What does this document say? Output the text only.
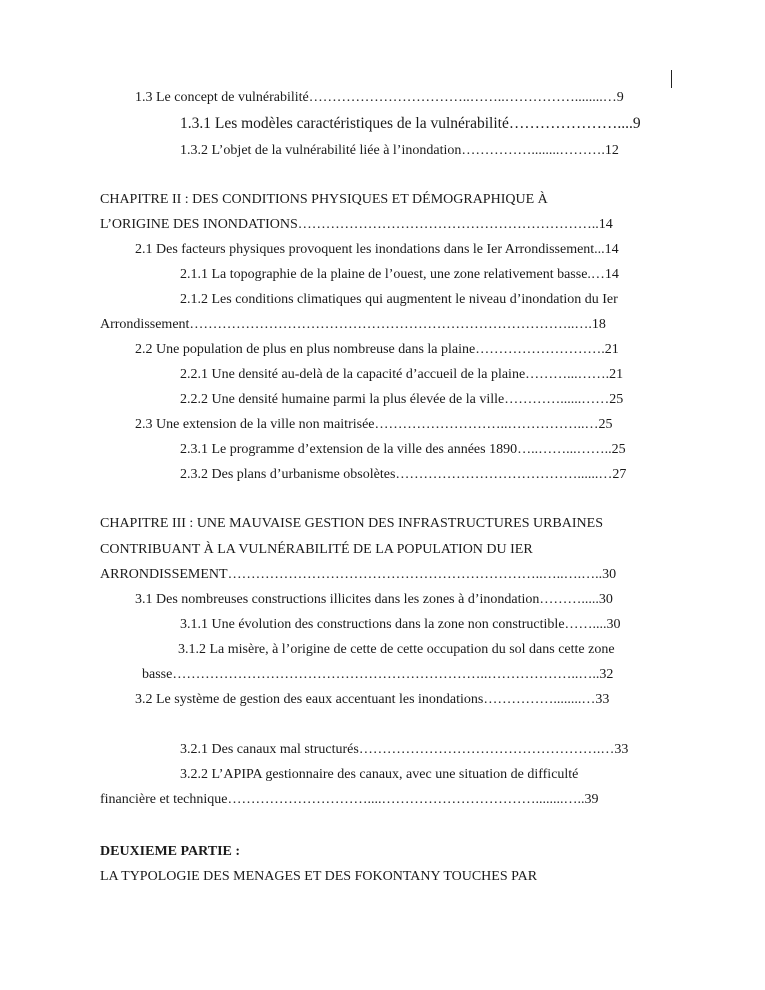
1.3 Le concept de vulnérabilité……………………………..……..……………........…9
1.3.1 Les modèles caractéristiques de la vulnérabilité…………………....9
1.3.2 L’objet de la vulnérabilité liée à l’inondation……………........……….12
CHAPITRE II : DES CONDITIONS PHYSIQUES ET DÉMOGRAPHIQUE À
L’ORIGINE DES INONDATIONS………………………………………………………..14
2.1 Des facteurs physiques provoquent les inondations dans le Ier Arrondissement...14
2.1.1 La topographie de la plaine de l’ouest, une zone relativement basse.…14
2.1.2 Les conditions climatiques qui augmentent le niveau d’inondation du Ier
Arrondissement………………………………………………………………………..….18
2.2 Une population de plus en plus nombreuse dans la plaine……………………….21
2.2.1 Une densité au-delà de la capacité d’accueil de la plaine………...…….21
2.2.2 Une densité humaine parmi la plus élevée de la ville…………......……25
2.3 Une extension de la ville non maitrisée………………………..……………..…25
2.3.1 Le programme d’extension de la ville des années 1890…..……...……..25
2.3.2 Des plans d’urbanisme obsolètes…………………………………......…27
CHAPITRE III : UNE MAUVAISE GESTION DES INFRASTRUCTURES URBAINES
CONTRIBUANT À LA VULNÉRABILITÉ DE LA POPULATION DU IER
ARRONDISSEMENT…………………………………………………………..…..….…..30
3.1 Des nombreuses constructions illicites dans les zones à d’inondation……….....30
3.1.1 Une évolution des constructions dans la zone non constructible……....30
3.1.2 La misère, à l’origine de cette de cette occupation du sol dans cette zone
basse…………………………………………………………..………………..…..32
3.2 Le système de gestion des eaux accentuant les inondations……………........…33
3.2.1 Des canaux mal structurés…………………………………………….…33
3.2.2 L’APIPA gestionnaire des canaux, avec une situation de difficulté
financière et technique…………………………....……………………………........…..39
DEUXIEME PARTIE :
LA TYPOLOGIE DES MENAGES ET DES FOKONTANY TOUCHES PAR
